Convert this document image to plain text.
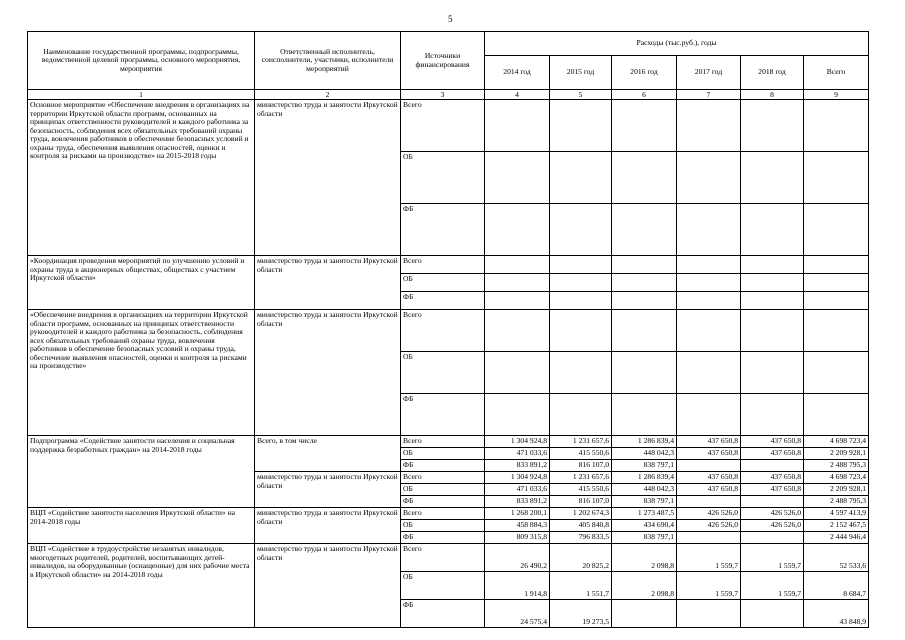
5
Наименование государственной программы, подпрограммы, ведомственной целевой программы, основного мероприятия, мероприятия	Ответственный исполнитель, соисполнители, участники, исполнители мероприятий	Источники финансирования	Расходы (тыс.руб.), годы					
			2014 год	2015 год	2016 год	2017 год	2018 год	Всего
1	2	3	4	5	6	7	8	9
Основное мероприятие «Обеспечение внедрения в организациях на территории Иркутской области программ, основанных на принципах ответственности руководителей и каждого работника за безопасность, соблюдения всех обязательных требований охраны труда, вовлечения работников в обеспечение безопасных условий и охраны труда, обеспечения выявления опасностей, оценки и контроля за рисками на производстве» на 2015-2018 годы	министерство труда и занятости Иркутской области	Всего						
		ОБ						
		ФБ						
«Координация проведения мероприятий по улучшению условий и охраны труда в акционерных обществах, обществах с участием Иркутской области»	министерство труда и занятости Иркутской области	Всего						
		ОБ						
		ФБ						
«Обеспечение внедрения в организациях на территории Иркутской области программ, основанных на принципах ответственности руководителей и каждого работника за безопасность, соблюдения всех обязательных требований охраны труда, вовлечения работников в обеспечение безопасных условий и охраны труда, обеспечение выявления опасностей, оценки и контроля за рисками на производстве»	министерство труда и занятости Иркутской области	Всего						
		ОБ						
		ФБ						
Подпрограмма «Содействие занятости населения и социальная поддержка безработных граждан» на 2014-2018 годы	Всего, в том числе	Всего	1 304 924,8	1 231 657,6	1 286 839,4	437 650,8	437 650,8	4 698 723,4
		ОБ	471 033,6	415 550,6	448 042,3	437 650,8	437 650,8	2 209 928,1
		ФБ	833 891,2	816 107,0	838 797,1			2 488 795,3
	министерство труда и занятости Иркутской области	Всего	1 304 924,8	1 231 657,6	1 286 839,4	437 650,8	437 650,8	4 698 723,4
		ОБ	471 033,6	415 550,6	448 042,3	437 650,8	437 650,8	2 209 928,1
		ФБ	833 891,2	816 107,0	838 797,1			2 488 795,3
ВЦП «Содействие занятости населения Иркутской области» на 2014-2018 годы	министерство труда и занятости Иркутской области	Всего	1 268 200,1	1 202 674,3	1 273 487,5	426 526,0	426 526,0	4 597 413,9
		ОБ	458 884,3	405 840,8	434 690,4	426 526,0	426 526,0	2 152 467,5
		ФБ	809 315,8	796 833,5	838 797,1			2 444 946,4
ВЦП «Содействие в трудоустройстве незанятых инвалидов, многодетных родителей, родителей, воспитывающих детей-инвалидов, на оборудованные (оснащенные) для них рабочие места в Иркутской области» на 2014-2018 годы	министерство труда и занятости Иркутской области	Всего	26 490,2	20 825,2	2 098,8	1 559,7	1 559,7	52 533,6
		ОБ	1 914,8	1 551,7	2 098,8	1 559,7	1 559,7	8 684,7
		ФБ	24 575,4	19 273,5				43 848,9
